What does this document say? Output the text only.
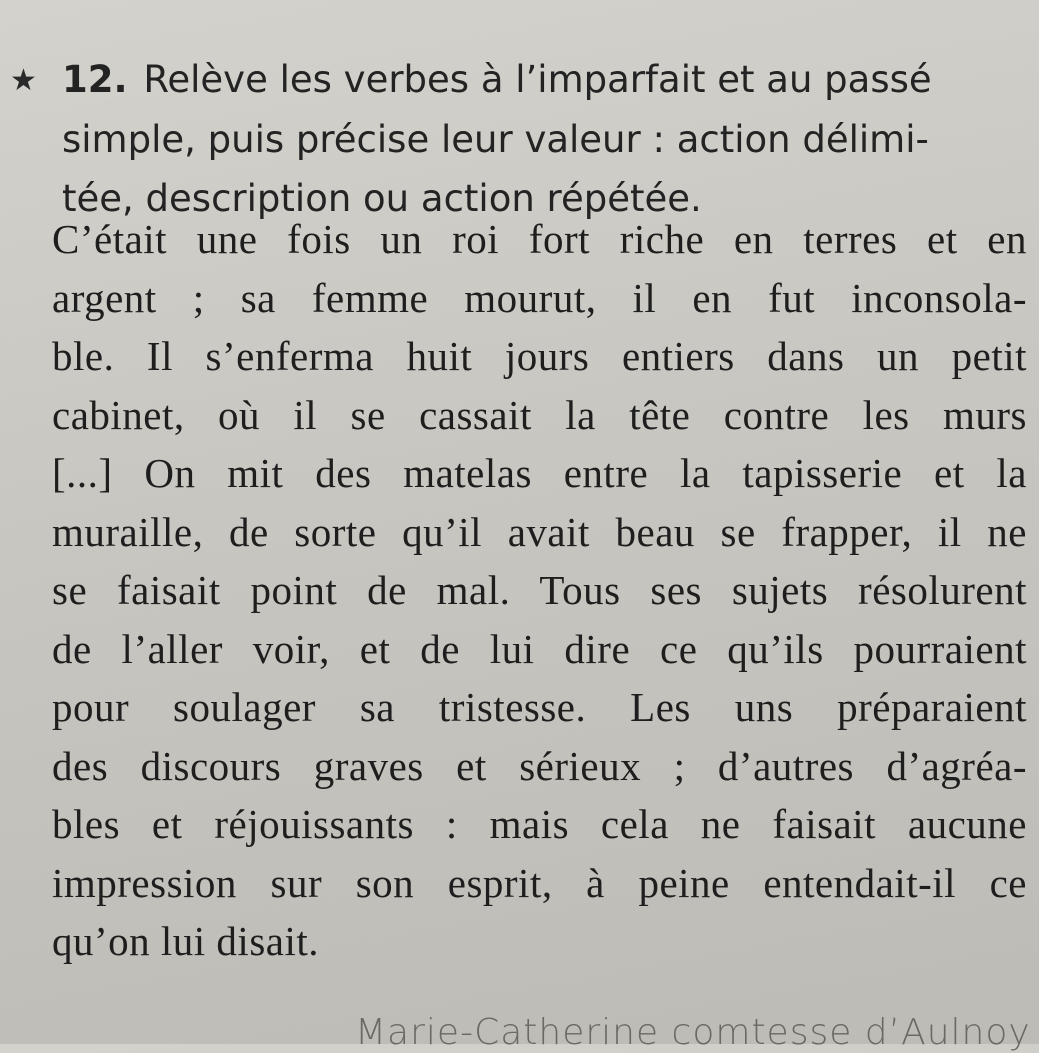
★ 12. Relève les verbes à l’imparfait et au passé
simple, puis précise leur valeur : action délimi-
tée, description ou action répétée.
C’était une fois un roi fort riche en terres et en
argent ; sa femme mourut, il en fut inconsola-
ble. Il s’enferma huit jours entiers dans un petit
cabinet, où il se cassait la tête contre les murs
[...] On mit des matelas entre la tapisserie et la
muraille, de sorte qu’il avait beau se frapper, il ne
se faisait point de mal. Tous ses sujets résolurent
de l’aller voir, et de lui dire ce qu’ils pourraient
pour soulager sa tristesse. Les uns préparaient
des discours graves et sérieux ; d’autres d’agréa-
bles et réjouissants : mais cela ne faisait aucune
impression sur son esprit, à peine entendait-il ce
qu’on lui disait.
Marie-Catherine comtesse d’Aulnoy
